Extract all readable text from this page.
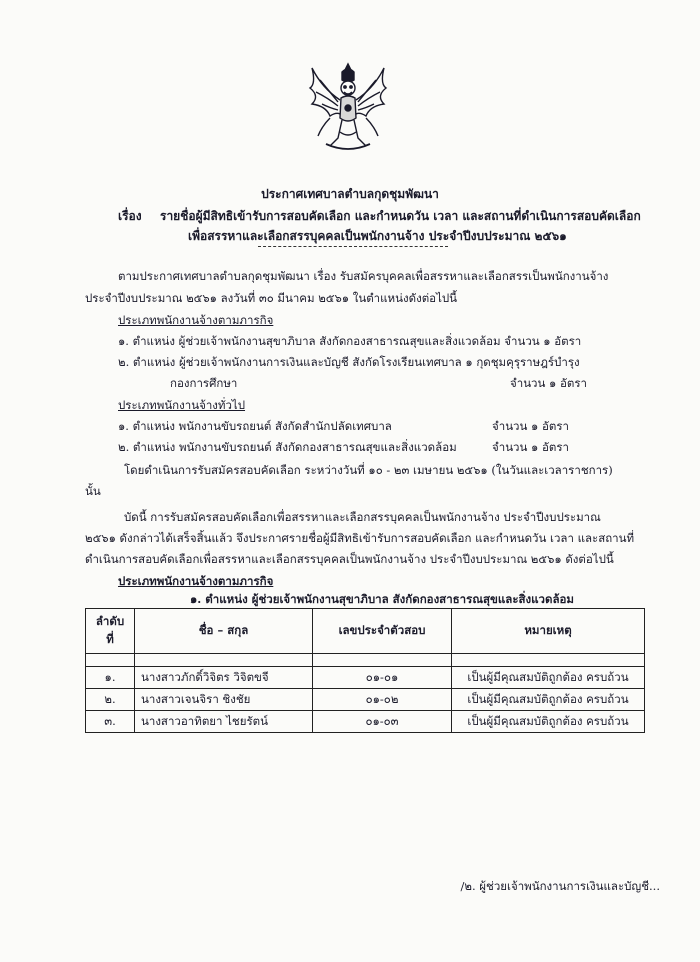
ประกาศเทศบาลตำบลกุดชุมพัฒนา
เรื่อง รายชื่อผู้มีสิทธิเข้ารับการสอบคัดเลือก และกำหนดวัน เวลา และสถานที่ดำเนินการสอบคัดเลือก
เพื่อสรรหาและเลือกสรรบุคคลเป็นพนักงานจ้าง ประจำปีงบประมาณ ๒๕๖๑
ตามประกาศเทศบาลตำบลกุดชุมพัฒนา เรื่อง รับสมัครบุคคลเพื่อสรรหาและเลือกสรรเป็นพนักงานจ้าง
ประจำปีงบประมาณ ๒๕๖๑ ลงวันที่ ๓๐ มีนาคม ๒๕๖๑ ในตำแหน่งดังต่อไปนี้
ประเภทพนักงานจ้างตามภารกิจ
๑. ตำแหน่ง ผู้ช่วยเจ้าพนักงานสุขาภิบาล สังกัดกองสาธารณสุขและสิ่งแวดล้อม จำนวน ๑ อัตรา
๒. ตำแหน่ง ผู้ช่วยเจ้าพนักงานการเงินและบัญชี สังกัดโรงเรียนเทศบาล ๑ กุดชุมคุรุราษฎร์บำรุง
กองการศึกษา	จำนวน ๑ อัตรา
ประเภทพนักงานจ้างทั่วไป
๑. ตำแหน่ง พนักงานขับรถยนต์ สังกัดสำนักปลัดเทศบาล	จำนวน ๑ อัตรา
๒. ตำแหน่ง พนักงานขับรถยนต์ สังกัดกองสาธารณสุขและสิ่งแวดล้อม	จำนวน ๑ อัตรา
โดยดำเนินการรับสมัครสอบคัดเลือก ระหว่างวันที่ ๑๐ - ๒๓ เมษายน ๒๕๖๑ (ในวันและเวลาราชการ)
นั้น
บัดนี้ การรับสมัครสอบคัดเลือกเพื่อสรรหาและเลือกสรรบุคคลเป็นพนักงานจ้าง ประจำปีงบประมาณ
๒๕๖๑ ดังกล่าวได้เสร็จสิ้นแล้ว จึงประกาศรายชื่อผู้มีสิทธิเข้ารับการสอบคัดเลือก และกำหนดวัน เวลา และสถานที่
ดำเนินการสอบคัดเลือกเพื่อสรรหาและเลือกสรรบุคคลเป็นพนักงานจ้าง ประจำปีงบประมาณ ๒๕๖๑ ดังต่อไปนี้
ประเภทพนักงานจ้างตามภารกิจ
๑. ตำแหน่ง ผู้ช่วยเจ้าพนักงานสุขาภิบาล สังกัดกองสาธารณสุขและสิ่งแวดล้อม
ลำดับ ที่	ชื่อ – สกุล	เลขประจำตัวสอบ	หมายเหตุ

๑.	นางสาวภักดิ์วิจิตร วิจิตขจี	๐๑-๐๑	เป็นผู้มีคุณสมบัติถูกต้อง ครบถ้วน
๒.	นางสาวเจนจิรา ชิงชัย	๐๑-๐๒	เป็นผู้มีคุณสมบัติถูกต้อง ครบถ้วน
๓.	นางสาวอาทิตยา ไชยรัตน์	๐๑-๐๓	เป็นผู้มีคุณสมบัติถูกต้อง ครบถ้วน
/๒. ผู้ช่วยเจ้าพนักงานการเงินและบัญชี...
